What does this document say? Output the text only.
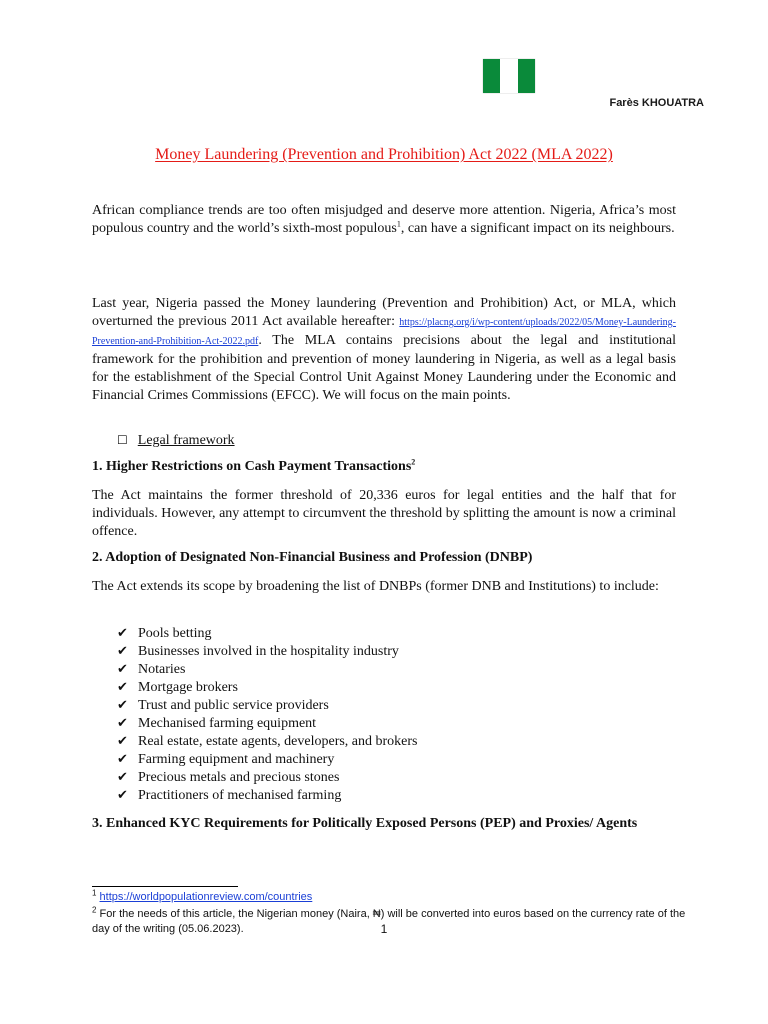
Farès KHOUATRA
Money Laundering (Prevention and Prohibition) Act 2022 (MLA 2022)

African compliance trends are too often misjudged and deserve more attention. Nigeria, Africa’s most populous country and the world’s sixth-most populous$^1$, can have a significant impact on its neighbours.

Last year, Nigeria passed the Money laundering (Prevention and Prohibition) Act, or MLA, which overturned the previous 2011 Act available hereafter: https://placng.org/i/wp-content/uploads/2022/05/Money-Laundering-Prevention-and-Prohibition-Act-2022.pdf. The MLA contains precisions about the legal and institutional framework for the prohibition and prevention of money laundering in Nigeria, as well as a legal basis for the establishment of the Special Control Unit Against Money Laundering under the Economic and Financial Crimes Commissions (EFCC). We will focus on the main points.

☐ Legal framework

1. Higher Restrictions on Cash Payment Transactions$^2$

The Act maintains the former threshold of 20,336 euros for legal entities and the half that for individuals. However, any attempt to circumvent the threshold by splitting the amount is now a criminal offence.

2. Adoption of Designated Non-Financial Business and Profession (DNBP)

The Act extends its scope by broadening the list of DNBPs (former DNB and Institutions) to include:

✔ Pools betting
✔ Businesses involved in the hospitality industry
✔ Notaries
✔ Mortgage brokers
✔ Trust and public service providers
✔ Mechanised farming equipment
✔ Real estate, estate agents, developers, and brokers
✔ Farming equipment and machinery
✔ Precious metals and precious stones
✔ Practitioners of mechanised farming

3. Enhanced KYC Requirements for Politically Exposed Persons (PEP) and Proxies/ Agents

$^1$ https://worldpopulationreview.com/countries

$^2$ For the needs of this article, the Nigerian money (Naira, ₦) will be converted into euros based on the currency rate of the day of the writing (05.06.2023).	1
